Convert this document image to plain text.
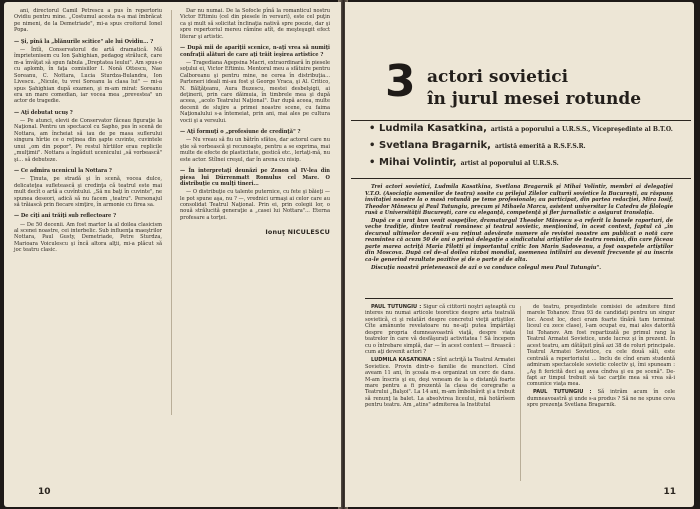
ani, directorul Camil Petrescu a pus în repertoriu Ovidiu pentru mine. „Costumul acesta n-a mai îmbrăcat pe nimeni, de la Demetriade", mi-a spus croitorul Ionel Popa.

— Şi, pînă la „blănurile scitice" ale lui Ovidiu... ?

— Întîi, Conservatorul de artă dramatică. Mă împrietenisem cu Ion Şahighian, pedagog strălucit, care m-a învăţat să spun fabula „Dreptatea leului". Am spus-o cu aplomb, în faţa comisiilor I. Nonă Ottescu, Nae Soreanu, C. Nottara, Lucia Sturdza-Bulandra, Ion Livescu. „Nicule, tu vrei Soreanu la clasa lui" — mi-a spus Şahighian după examen, şi m-am mirat: Soreanu era un mare comedian, iar vocea mea „prevestea" un actor de tragedie.

— Aţi debutat ucuş ?

— Pe atunci, elevii de Conservator făceau figuraţie la Naţional. Pentru un spectacol cu Sapho, pus în scenă de Nottara, am încheiat să iau de pe masa suflerului singura hîrtie ce o reţinea din şapte cuvinte, cuvintele unui „om din popor". Pe restul hîrtiilor erau replicile „mulţimii". Nottara a îngăduit ucenicului „să vorbească" şi... să debuteze.

— Ce admira ucenicul la Nottara ?

— Ţinuta, pe stradă şi în scenă, vocea dulce, delicateţea sufletească şi credinţa că teatrul este mai mult decît o artă a cuvîntului. „Să nu baţi în cuvinte", ne spunea deseori, adică să nu facem „teatru". Personajul să trăiască prin fiecare simţire, în armonie cu firea sa.

— De cîţi ani trăiţi sub reflectoare ?

— De 50 decenii. Am fost martor la al doilea clasicism al scenei noastre, cei interbelic. Sub influenţa maeştrilor Nottara, Paul Gusty, Demetriade, Petre Sturdza, Marioara Voiculescu şi încă altora alţii, mi-a plăcut să joc teatru clasic.

Dar nu numai. De la Sofocle pînă la romanticul nostru Victor Eftimiu (cel din piesele în versuri), este cel puţin ca şi mult să solicitat înclinaţia nativă spre poezie, dar şi spre repertoriul mereu rămîne atît, de meşteşugit efect literar şi artistic.

— După mii de apariţii scenice, n-aţi vrea să numiţi confraţii alături de care aţi trăit ieşirea artistice ?

— Tragediana Agepsina Macri, extraordinară în piesele soţului ei, Victor Eftimiu. Mentorul meu a sfătuire pentru Calboreanu şi pentru mine, ne cerea în distribuţia... Parteneri ideali mi-au fost şi George Vraca, şi Al. Critico, N. Bălţăţeanu, Aura Buzescu, mestei desbelşigii, ai deţinerii, prin care dăimuia, în timbrele mea şi după aceea, „acolo Teatrului Naţional". Dar după aceea, multe decenii de slujire a primei noastre scene, cu faima Naţionalului s-a întemeiat, prin ani, mai ales pe cultura vocii şi a versului.

— Aţi formuţi o „profesiune de credinţă" ?

— Nu vreau să fiu un bătrîn sfătos, dar actorul care nu ştie să vorbească şi recunoaşte, pentru a se exprima, mai multe de efecte de plasticitate, gestică etc., lertaţi-mă, nu este actor. Stîlnei creşul, dar în arena cu nisip.

— În interpretaţi deunăzi pe Zenon al IV-lea din piesa lui Dürrenmatt Romulus cel Mare. O distribuţie cu mulţi tineri...

— O distribuţie cu talente puternice, cu fete şi băieţi — le pot spune aşa, nu ? —, vrednici urmaşi ai celor care au consolidat Teatrul Naţional. Prin ei, prin colegii lor, o nouă strălucită generaţie a „casei lui Nottara"... Eterna profesare a torţei.

Ionuţ NICULESCU
10
3 actori sovietici
în jurul mesei rotunde
• Ludmila Kasatkina, artistă a poporului a U.R.S.S., Vicepreşedinte al B.T.O.
• Svetlana Bragarnik, artistă emerită a R.S.F.S.R.
• Mihai Volintir, artist al poporului al U.R.S.S.

Trei actori sovietici, Ludmila Kasatkina, Svetlana Bragarnik şi Mihai Volintir, membri ai delegaţiei V.T.O. (Asociaţia oamenilor de teatru) sosite cu prilejul Zilelor culturii sovietice la Bucureşti, au răspuns invitaţiei noastre la o masă rotundă pe teme profesionale; au participat, din partea redacţiei, Mira Iosif, Theodor Mănescu şi Paul Tutungiu, precum şi Mihaela Marcu, asistent universitar la Catedra de filologie rusă a Universităţii Bucureşti, care cu eleganţă, competenţă şi fler jurnalistic a asigurat translaţia.

După ce a urat bun venit oaspeţilor, dramaturgul Theodor Mănescu s-a referit la bunele raporturi, de veche tradiţie, dintre teatrul românesc şi teatrul sovietic, menţionînd, în acest context, faptul că „în decursul ultimelor decenii s-au reţinut adevărate numere ale revistei noastre am publicat o notă care reamintea că acum 50 de ani o primă delegaţie a sindicatului artiştilor de teatru români, din care făceau parte marea actriţă Maria Filotti şi importantul critic Ion Marin Sadoveanu, a fost oaspetele artiştilor din Moscova. După cel de-al doilea război mondial, asemenea întîlniri au devenit frecvente şi au înscris ca-le generind rezultate pozitive şi de o parte şi de alta.

Discuţia noastră prietenească de azi o va conduce colegul meu Paul Tutungiu".

PAUL TUTUNGIU : Sigur că cititorii noştri aşteaptă cu interes nu numai articole teoretice despre arta teatrală sovietică, ci şi relatări despre concretul vieţii artiştilor. Cîte amănunte revelatoare nu ne-aţi putea împărtăşi despre propria dumneavoastră viaţă, despre viaţa teatrelor în care vă desfăşuraţi activitatea ! Să începem cu o întrebare simplă, dar — în acest context — firească : cum aţi devenit actori ?

LUDMILA KASATKINA : Sînt actriţă la Teatrul Armatei Sovietice. Provin dintr-o familie de muncitori. Cînd aveam 11 ani, în şcoala m-a organizat un cerc de dans. M-am înscris şi eu, deşi veneam de la o distanţă foarte mare pentru a fi prezentă la clasa de coregrafie a Teatrului „Balşoi". La 14 ani, m-am îmbolnăvit şi a trebuit să renunţ la balet. La absolvirea liceului, mă hotărîsem pentru teatru. Am „atins" admiterea la Institutul

de teatru, preşedintele comisiei de admitere fiind marele Tohanov. Erau 93 de candidaţi pentru un singur loc. Acest loc, deci eram foarte tînără tam terminat liceul cu zece clase), l-am ocupat eu, mai ales datorită lui Tohanov. Am fost repartizată pe primul rang la Teatrul Armatei Sovietice, unde lucrez şi în prezent. În acest teatru, am dătăţuit pînă azi 38 de roluri principale. Teatrul Armatei Sovietice, cu cele două săli, este centrală a repertoriului ... Inclu de cînd eram studentă admiram spectacolele sovietic colectiv şi, îmi spuneam : „Aş fi fericită deci aş avea cîndva şi eu pe scenă". De-fapt ar timpul trebuit să tac carţile mea să vrea să-i comunice viaţa mea.

PAUL TUTUNGIU : Să intrăm acum în cele dumneavoastră şi unde s-a produs ? Să ne ne spune ceva spre prezenţa Svetlana Bragarnik.

11
